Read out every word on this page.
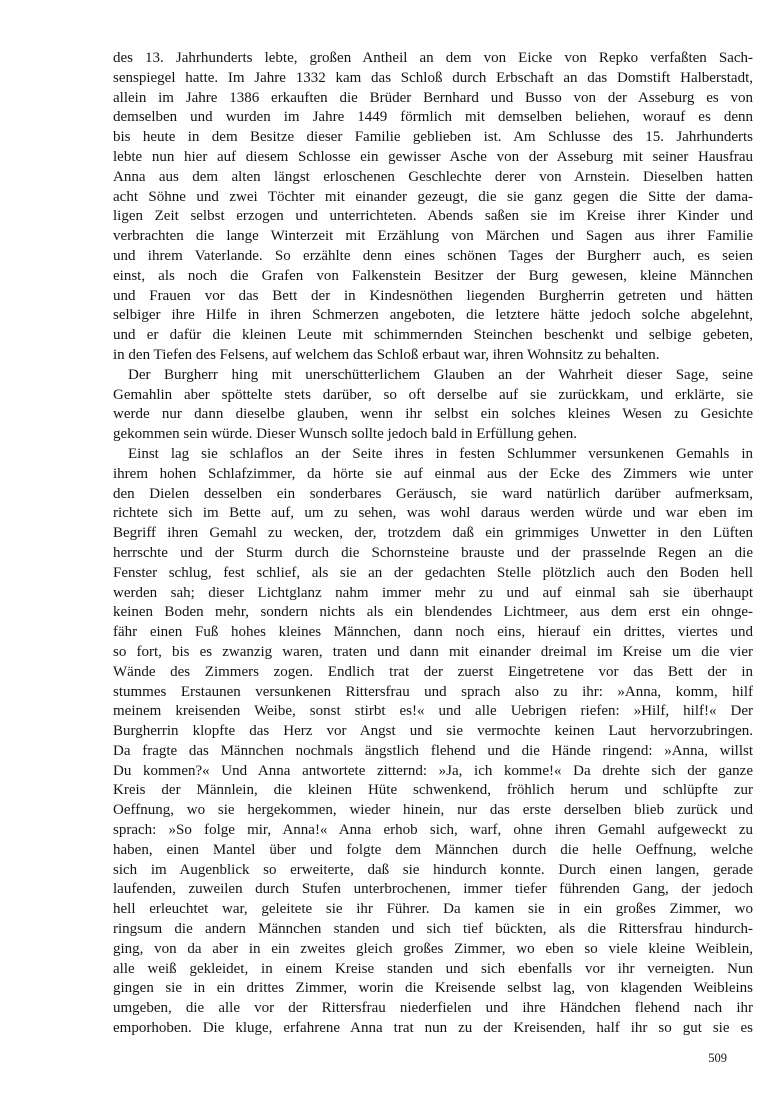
des 13. Jahrhunderts lebte, großen Antheil an dem von Eicke von Repko verfaßten Sach-
senspiegel hatte. Im Jahre 1332 kam das Schloß durch Erbschaft an das Domstift Halberstadt,
allein im Jahre 1386 erkauften die Brüder Bernhard und Busso von der Asseburg es von
demselben und wurden im Jahre 1449 förmlich mit demselben beliehen, worauf es denn
bis heute in dem Besitze dieser Familie geblieben ist. Am Schlusse des 15. Jahrhunderts
lebte nun hier auf diesem Schlosse ein gewisser Asche von der Asseburg mit seiner Hausfrau
Anna aus dem alten längst erloschenen Geschlechte derer von Arnstein. Dieselben hatten
acht Söhne und zwei Töchter mit einander gezeugt, die sie ganz gegen die Sitte der dama-
ligen Zeit selbst erzogen und unterrichteten. Abends saßen sie im Kreise ihrer Kinder und
verbrachten die lange Winterzeit mit Erzählung von Märchen und Sagen aus ihrer Familie
und ihrem Vaterlande. So erzählte denn eines schönen Tages der Burgherr auch, es seien
einst, als noch die Grafen von Falkenstein Besitzer der Burg gewesen, kleine Männchen
und Frauen vor das Bett der in Kindesnöthen liegenden Burgherrin getreten und hätten
selbiger ihre Hilfe in ihren Schmerzen angeboten, die letztere hätte jedoch solche abgelehnt,
und er dafür die kleinen Leute mit schimmernden Steinchen beschenkt und selbige gebeten,
in den Tiefen des Felsens, auf welchem das Schloß erbaut war, ihren Wohnsitz zu behalten.
Der Burgherr hing mit unerschütterlichem Glauben an der Wahrheit dieser Sage, seine
Gemahlin aber spöttelte stets darüber, so oft derselbe auf sie zurückkam, und erklärte, sie
werde nur dann dieselbe glauben, wenn ihr selbst ein solches kleines Wesen zu Gesichte
gekommen sein würde. Dieser Wunsch sollte jedoch bald in Erfüllung gehen.
Einst lag sie schlaflos an der Seite ihres in festen Schlummer versunkenen Gemahls in
ihrem hohen Schlafzimmer, da hörte sie auf einmal aus der Ecke des Zimmers wie unter
den Dielen desselben ein sonderbares Geräusch, sie ward natürlich darüber aufmerksam,
richtete sich im Bette auf, um zu sehen, was wohl daraus werden würde und war eben im
Begriff ihren Gemahl zu wecken, der, trotzdem daß ein grimmiges Unwetter in den Lüften
herrschte und der Sturm durch die Schornsteine brauste und der prasselnde Regen an die
Fenster schlug, fest schlief, als sie an der gedachten Stelle plötzlich auch den Boden hell
werden sah; dieser Lichtglanz nahm immer mehr zu und auf einmal sah sie überhaupt
keinen Boden mehr, sondern nichts als ein blendendes Lichtmeer, aus dem erst ein ohnge-
fähr einen Fuß hohes kleines Männchen, dann noch eins, hierauf ein drittes, viertes und
so fort, bis es zwanzig waren, traten und dann mit einander dreimal im Kreise um die vier
Wände des Zimmers zogen. Endlich trat der zuerst Eingetretene vor das Bett der in
stummes Erstaunen versunkenen Rittersfrau und sprach also zu ihr: »Anna, komm, hilf
meinem kreisenden Weibe, sonst stirbt es!« und alle Uebrigen riefen: »Hilf, hilf!« Der
Burgherrin klopfte das Herz vor Angst und sie vermochte keinen Laut hervorzubringen.
Da fragte das Männchen nochmals ängstlich flehend und die Hände ringend: »Anna, willst
Du kommen?« Und Anna antwortete zitternd: »Ja, ich komme!« Da drehte sich der ganze
Kreis der Männlein, die kleinen Hüte schwenkend, fröhlich herum und schlüpfte zur
Oeffnung, wo sie hergekommen, wieder hinein, nur das erste derselben blieb zurück und
sprach: »So folge mir, Anna!« Anna erhob sich, warf, ohne ihren Gemahl aufgeweckt zu
haben, einen Mantel über und folgte dem Männchen durch die helle Oeffnung, welche
sich im Augenblick so erweiterte, daß sie hindurch konnte. Durch einen langen, gerade
laufenden, zuweilen durch Stufen unterbrochenen, immer tiefer führenden Gang, der jedoch
hell erleuchtet war, geleitete sie ihr Führer. Da kamen sie in ein großes Zimmer, wo
ringsum die andern Männchen standen und sich tief bückten, als die Rittersfrau hindurch-
ging, von da aber in ein zweites gleich großes Zimmer, wo eben so viele kleine Weiblein,
alle weiß gekleidet, in einem Kreise standen und sich ebenfalls vor ihr verneigten. Nun
gingen sie in ein drittes Zimmer, worin die Kreisende selbst lag, von klagenden Weibleins
umgeben, die alle vor der Rittersfrau niederfielen und ihre Händchen flehend nach ihr
emporhoben. Die kluge, erfahrene Anna trat nun zu der Kreisenden, half ihr so gut sie es
509
